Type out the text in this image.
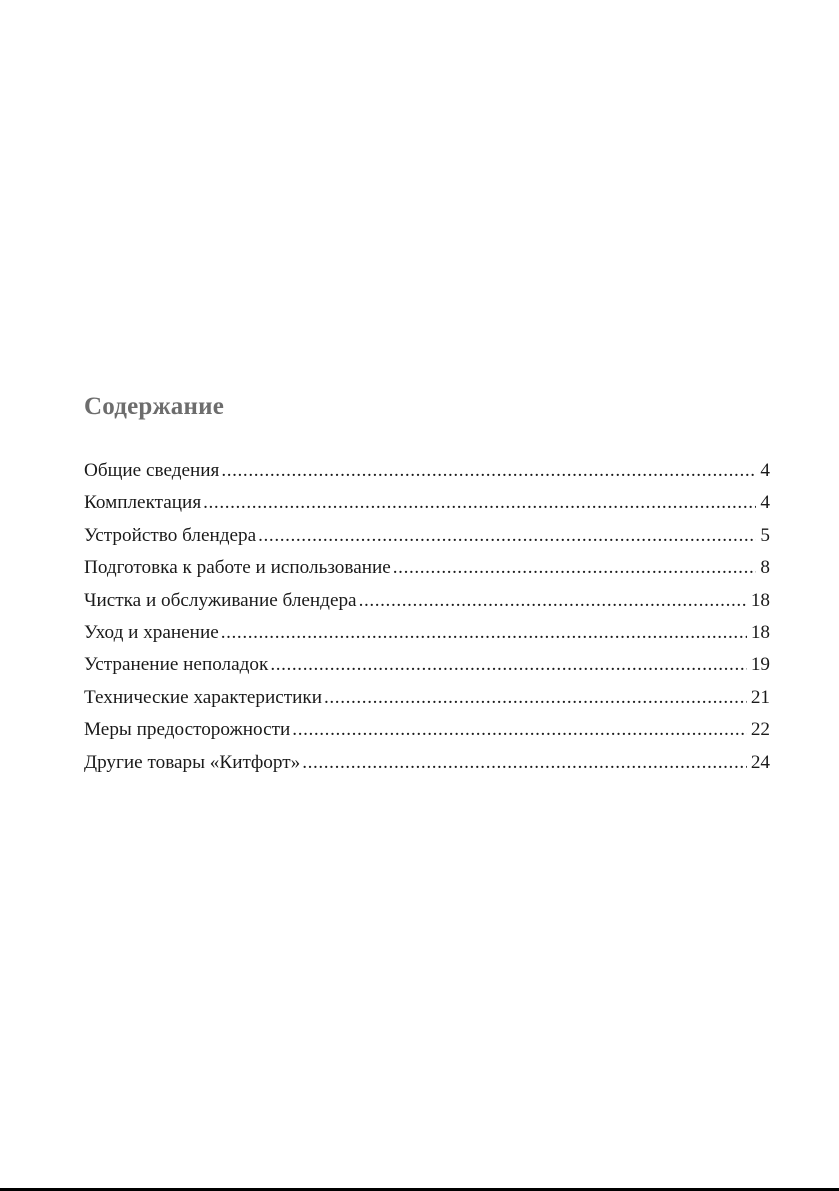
Содержание
Общие сведения .....	4
Комплектация .....	4
Устройство блендера .....	5
Подготовка к работе и использование .....	8
Чистка и обслуживание блендера .....	18
Уход и хранение .....	18
Устранение неполадок .....	19
Технические характеристики .....	21
Меры предосторожности .....	22
Другие товары «Китфорт» .....	24
